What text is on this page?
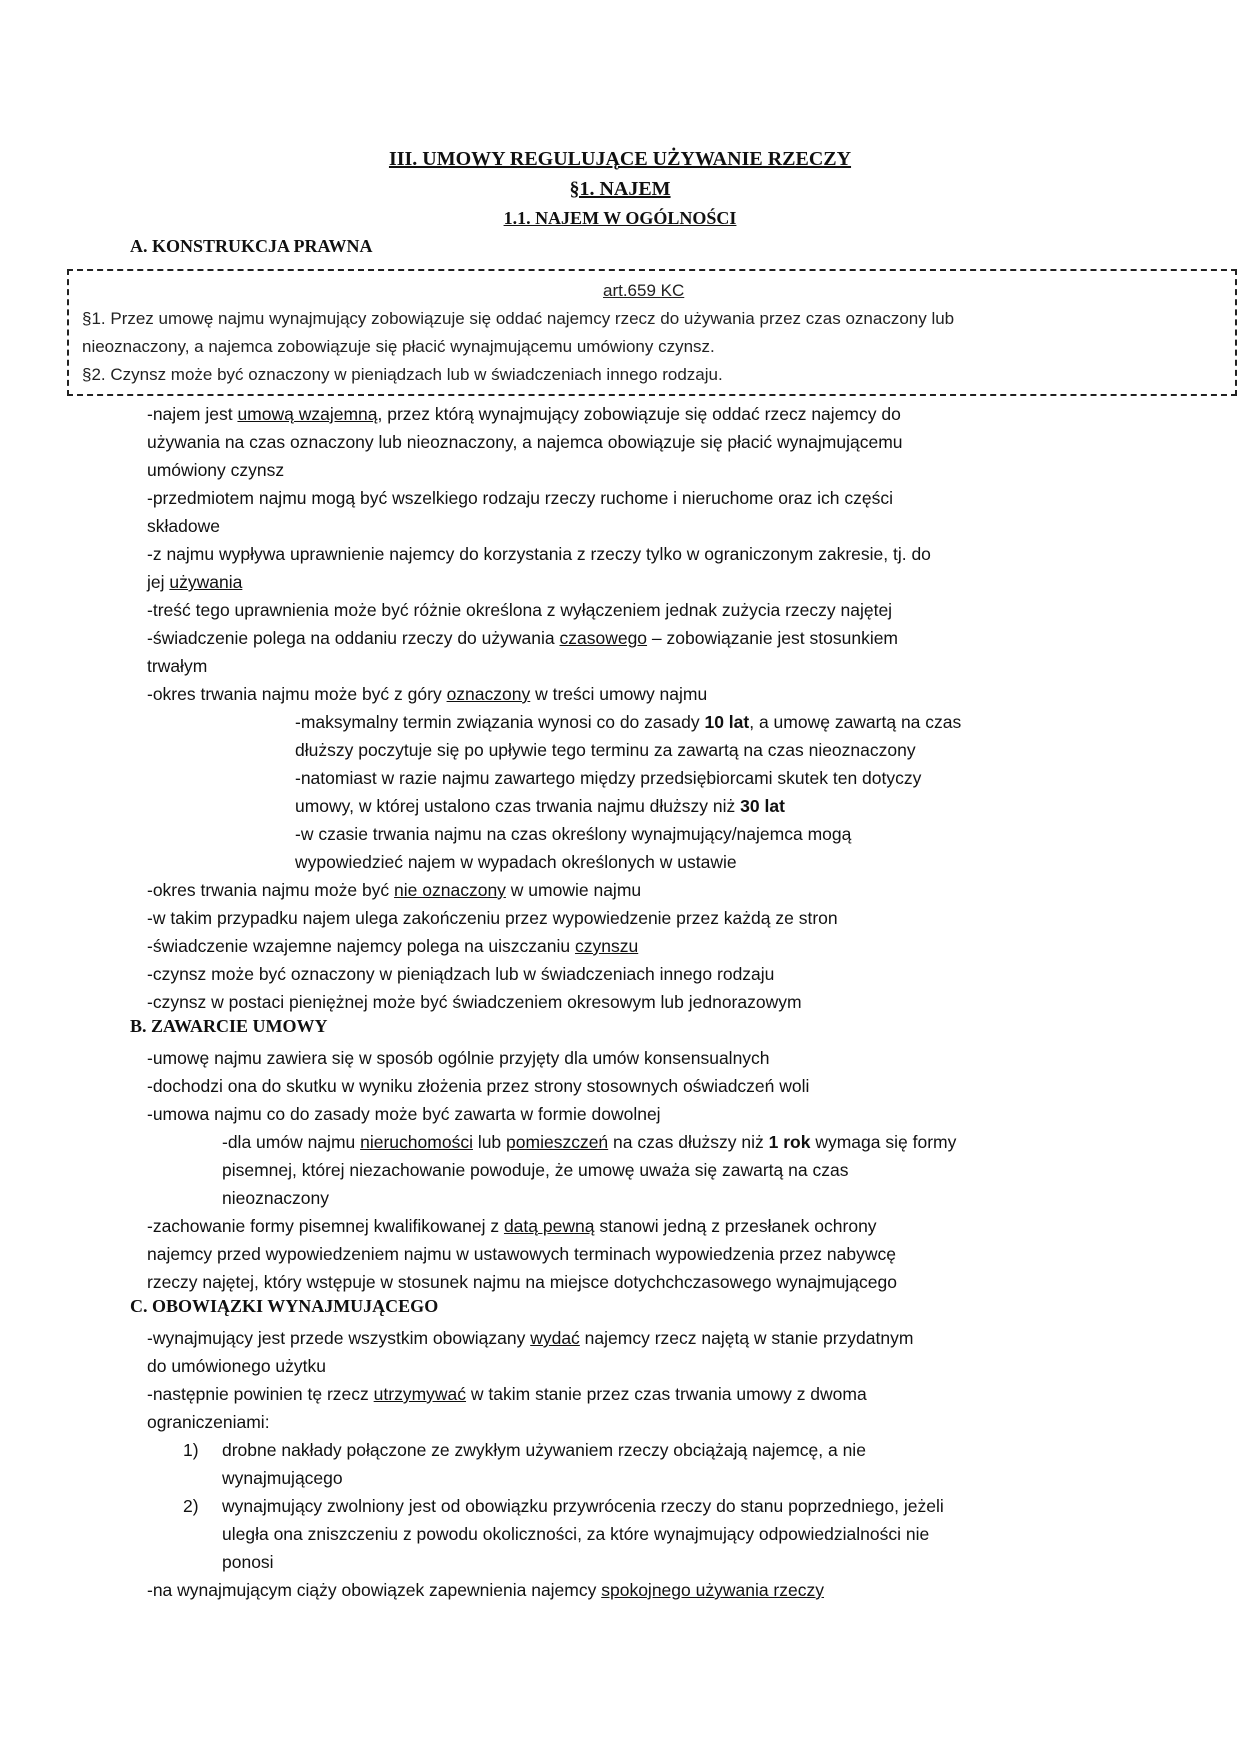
III. UMOWY REGULUJĄCE UŻYWANIE RZECZY
§1. NAJEM
1.1. NAJEM W OGÓLNOŚCI
A. KONSTRUKCJA PRAWNA
art.659 KC
§1. Przez umowę najmu wynajmujący zobowiązuje się oddać najemcy rzecz do używania przez czas oznaczony lub
nieoznaczony, a najemca zobowiązuje się płacić wynajmującemu umówiony czynsz.
§2. Czynsz może być oznaczony w pieniądzach lub w świadczeniach innego rodzaju.
-najem jest umową wzajemną, przez którą wynajmujący zobowiązuje się oddać rzecz najemcy do
używania na czas oznaczony lub nieoznaczony, a najemca obowiązuje się płacić wynajmującemu
umówiony czynsz
-przedmiotem najmu mogą być wszelkiego rodzaju rzeczy ruchome i nieruchome oraz ich części
składowe
-z najmu wypływa uprawnienie najemcy do korzystania z rzeczy tylko w ograniczonym zakresie, tj. do
jej używania
-treść tego uprawnienia może być różnie określona z wyłączeniem jednak zużycia rzeczy najętej
-świadczenie polega na oddaniu rzeczy do używania czasowego – zobowiązanie jest stosunkiem
trwałym
-okres trwania najmu może być z góry oznaczony w treści umowy najmu
-maksymalny termin związania wynosi co do zasady 10 lat, a umowę zawartą na czas
dłuższy poczytuje się po upływie tego terminu za zawartą na czas nieoznaczony
-natomiast w razie najmu zawartego między przedsiębiorcami skutek ten dotyczy
umowy, w której ustalono czas trwania najmu dłuższy niż 30 lat
-w czasie trwania najmu na czas określony wynajmujący/najemca mogą
wypowiedzieć najem w wypadach określonych w ustawie
-okres trwania najmu może być nie oznaczony w umowie najmu
-w takim przypadku najem ulega zakończeniu przez wypowiedzenie przez każdą ze stron
-świadczenie wzajemne najemcy polega na uiszczaniu czynszu
-czynsz może być oznaczony w pieniądzach lub w świadczeniach innego rodzaju
-czynsz w postaci pieniężnej może być świadczeniem okresowym lub jednorazowym
B. ZAWARCIE UMOWY
-umowę najmu zawiera się w sposób ogólnie przyjęty dla umów konsensualnych
-dochodzi ona do skutku w wyniku złożenia przez strony stosownych oświadczeń woli
-umowa najmu co do zasady może być zawarta w formie dowolnej
-dla umów najmu nieruchomości lub pomieszczeń na czas dłuższy niż 1 rok wymaga się formy
pisemnej, której niezachowanie powoduje, że umowę uważa się zawartą na czas
nieoznaczony
-zachowanie formy pisemnej kwalifikowanej z datą pewną stanowi jedną z przesłanek ochrony
najemcy przed wypowiedzeniem najmu w ustawowych terminach wypowiedzenia przez nabywcę
rzeczy najętej, który wstępuje w stosunek najmu na miejsce dotychchczasowego wynajmującego
C. OBOWIĄZKI WYNAJMUJĄCEGO
-wynajmujący jest przede wszystkim obowiązany wydać najemcy rzecz najętą w stanie przydatnym
do umówionego użytku
-następnie powinien tę rzecz utrzymywać w takim stanie przez czas trwania umowy z dwoma
ograniczeniami:
1) drobne nakłady połączone ze zwykłym używaniem rzeczy obciążają najemcę, a nie
wynajmującego
2) wynajmujący zwolniony jest od obowiązku przywrócenia rzeczy do stanu poprzedniego, jeżeli
uległa ona zniszczeniu z powodu okoliczności, za które wynajmujący odpowiedzialności nie
ponosi
-na wynajmującym ciąży obowiązek zapewnienia najemcy spokojnego używania rzeczy
